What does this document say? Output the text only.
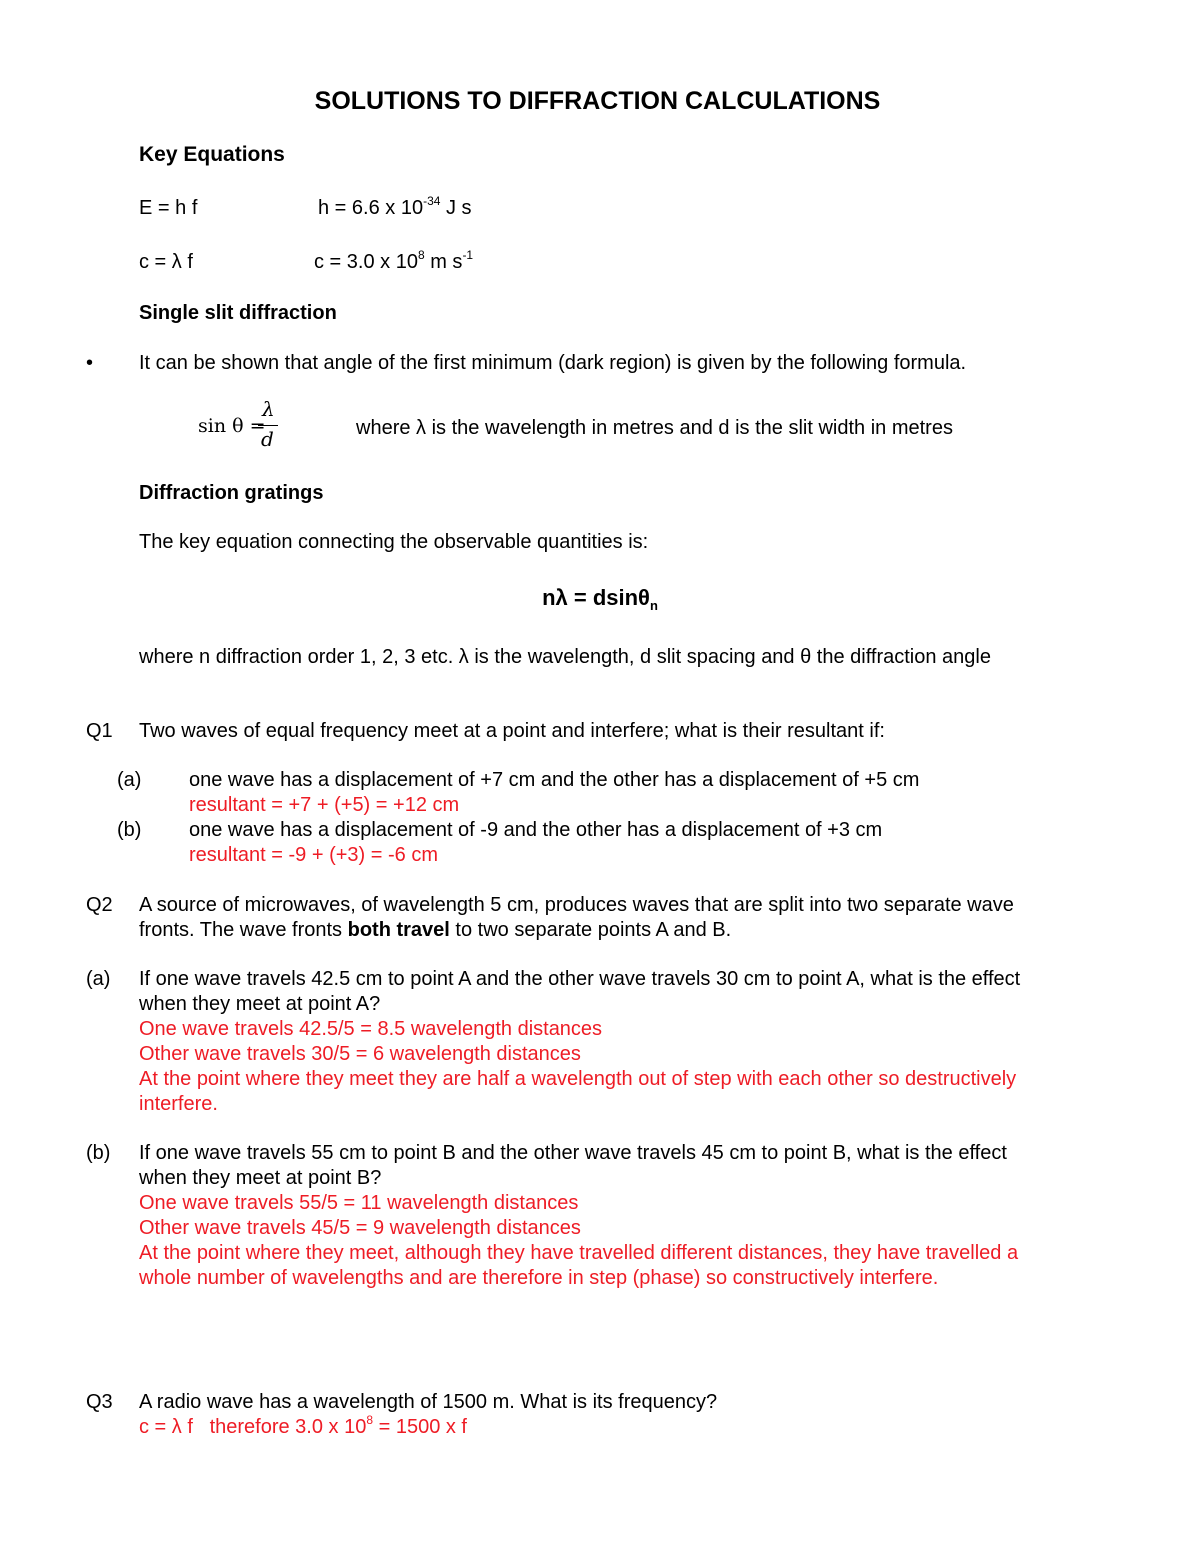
SOLUTIONS TO DIFFRACTION CALCULATIONS
Key Equations
E = h f	h = 6.6 x $10^{-34}$ J s
c = λ f	c = 3.0 x $10^8$ m $s^{-1}$
Single slit diffraction
• It can be shown that angle of the first minimum (dark region) is given by the following formula.
sin θ =
λ
d	where λ is the wavelength in metres and d is the slit width in metres
Diffraction gratings
The key equation connecting the observable quantities is:
nλ = dsinθ$_n$
where n diffraction order 1, 2, 3 etc. λ is the wavelength, d slit spacing and θ the diffraction angle
Q1 Two waves of equal frequency meet at a point and interfere; what is their resultant if:
(a) one wave has a displacement of +7 cm and the other has a displacement of +5 cm
resultant = +7 + (+5) = +12 cm
(b) one wave has a displacement of -9 and the other has a displacement of +3 cm
resultant = -9 + (+3) = -6 cm
Q2 A source of microwaves, of wavelength 5 cm, produces waves that are split into two separate wave
fronts. The wave fronts both travel to two separate points A and B.
(a) If one wave travels 42.5 cm to point A and the other wave travels 30 cm to point A, what is the effect
when they meet at point A?
One wave travels 42.5/5 = 8.5 wavelength distances
Other wave travels 30/5 = 6 wavelength distances
At the point where they meet they are half a wavelength out of step with each other so destructively
interfere.
(b) If one wave travels 55 cm to point B and the other wave travels 45 cm to point B, what is the effect
when they meet at point B?
One wave travels 55/5 = 11 wavelength distances
Other wave travels 45/5 = 9 wavelength distances
At the point where they meet, although they have travelled different distances, they have travelled a
whole number of wavelengths and are therefore in step (phase) so constructively interfere.
Q3 A radio wave has a wavelength of 1500 m. What is its frequency?
c = λ f   therefore 3.0 x $10^8 = 1500$ x f
